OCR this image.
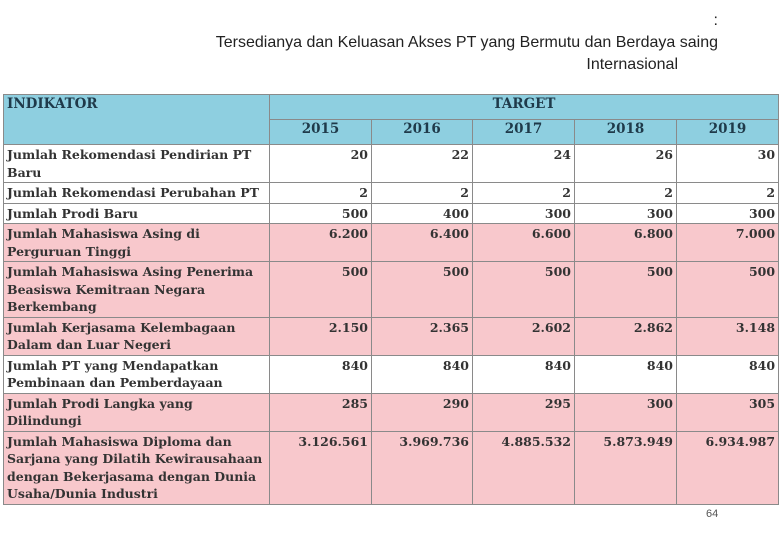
:
Tersedianya dan Keluasan Akses PT yang Bermutu dan Berdaya saing
Internasional
INDIKATOR	TARGET				
	2015	2016	2017	2018	2019
Jumlah Rekomendasi Pendirian PT Baru	20	22	24	26	30
Jumlah Rekomendasi Perubahan PT	2	2	2	2	2
Jumlah Prodi Baru	500	400	300	300	300
Jumlah Mahasiswa Asing di Perguruan Tinggi	6.200	6.400	6.600	6.800	7.000
Jumlah Mahasiswa Asing Penerima Beasiswa Kemitraan Negara Berkembang	500	500	500	500	500
Jumlah Kerjasama Kelembagaan Dalam dan Luar Negeri	2.150	2.365	2.602	2.862	3.148
Jumlah PT yang Mendapatkan Pembinaan dan Pemberdayaan	840	840	840	840	840
Jumlah Prodi Langka yang Dilindungi	285	290	295	300	305
Jumlah Mahasiswa Diploma dan Sarjana yang Dilatih Kewirausahaan dengan Bekerjasama dengan Dunia Usaha/Dunia Industri	3.126.561	3.969.736	4.885.532	5.873.949	6.934.987
64
